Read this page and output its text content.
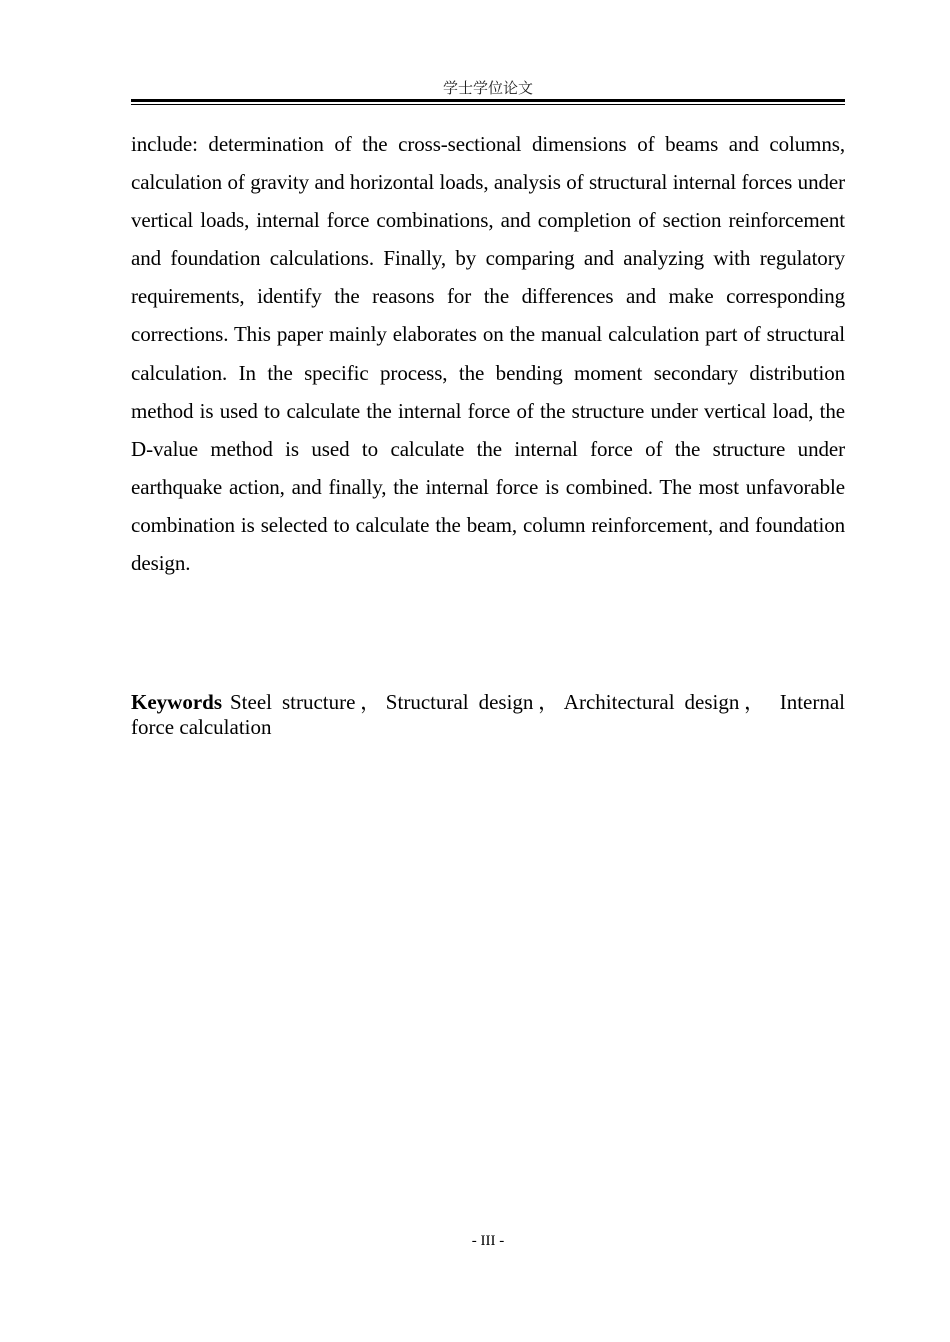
学士学位论文

include: determination of the cross-sectional dimensions of beams and columns, calculation of gravity and horizontal loads, analysis of structural internal forces under vertical loads, internal force combinations, and completion of section reinforcement and foundation calculations. Finally, by comparing and analyzing with regulatory requirements, identify the reasons for the differences and make corresponding corrections. This paper mainly elaborates on the manual calculation part of structural calculation. In the specific process, the bending moment secondary distribution method is used to calculate the internal force of the structure under vertical load, the D-value method is used to calculate the internal force of the structure under earthquake action, and finally, the internal force is combined. The most unfavorable combination is selected to calculate the beam, column reinforcement, and foundation design.

Keywords Steel structure，Structural design，Architectural design， Internal force calculation

- III -
